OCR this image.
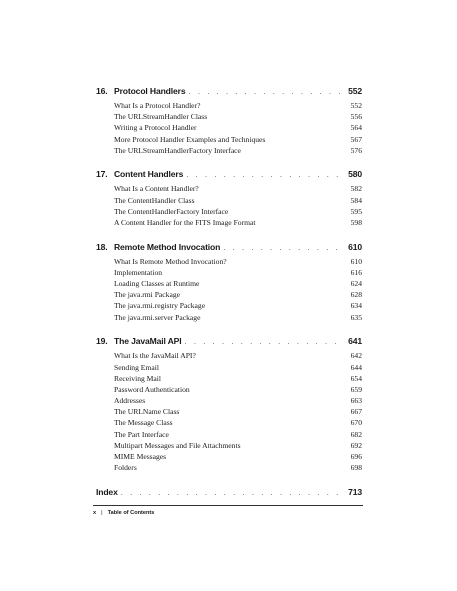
16. Protocol Handlers . . .	552
What Is a Protocol Handler?	552
The URLStreamHandler Class	556
Writing a Protocol Handler	564
More Protocol Handler Examples and Techniques	567
The URLStreamHandlerFactory Interface	576
17. Content Handlers . . .	580
What Is a Content Handler?	582
The ContentHandler Class	584
The ContentHandlerFactory Interface	595
A Content Handler for the FITS Image Format	598
18. Remote Method Invocation . . .	610
What Is Remote Method Invocation?	610
Implementation	616
Loading Classes at Runtime	624
The java.rmi Package	628
The java.rmi.registry Package	634
The java.rmi.server Package	635
19. The JavaMail API . . .	641
What Is the JavaMail API?	642
Sending Email	644
Receiving Mail	654
Password Authentication	659
Addresses	663
The URLName Class	667
The Message Class	670
The Part Interface	682
Multipart Messages and File Attachments	692
MIME Messages	696
Folders	698
Index . . .	713
x | Table of Contents
